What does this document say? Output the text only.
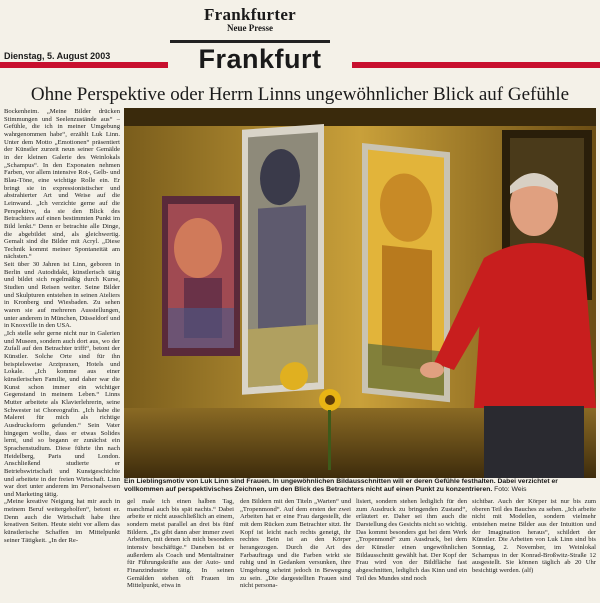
Frankfurter
Neue Presse
Dienstag, 5. August 2003	Frankfurt
Ohne Perspektive oder Herrn Linns ungewöhnlicher Blick auf Gefühle

Bockenheim. „Meine Bilder drücken Stimmungen und Seelenzustände aus“ – Gefühle, die ich in meiner Umgebung wahrgenommen habe“, erzählt Luk Linn. Unter dem Motto „Emotionen“ präsentiert der Künstler zurzeit neun seiner Gemälde in der kleinen Galerie des Weinlokals „Schampus“. In den Exponaten nehmen Farben, vor allem intensive Rot-, Gelb- und Blau-Töne, eine wichtige Rolle ein. Er bringt sie in expressionistischer und abstrahierter Art und Weise auf die Leinwand. „Ich verzichte gerne auf die Perspektive, da sie den Blick des Betrachters auf einen bestimmten Punkt im Bild lenkt.“ Denn er betrachte alle Dinge, die abgebildet sind, als gleichwertig. Gemalt sind die Bilder mit Acryl. „Diese Technik kommt meiner Spontaneität am nächsten.“

Seit über 30 Jahren ist Linn, geboren in Berlin und Autodidakt, künstlerisch tätig und bildet sich regelmäßig durch Kurse, Studien und Reisen weiter. Seine Bilder und Skulpturen entstehen in seinen Ateliers in Kronberg und Wiesbaden. Zu sehen waren sie auf mehreren Ausstellungen, unter anderem in München, Düsseldorf und in Knoxville in den USA.

„Ich stelle sehr gerne nicht nur in Galerien und Museen, sondern auch dort aus, wo der Zufall auf den Betrachter trifft“, betont der Künstler. Solche Orte sind für ihn beispielsweise Arztpraxen, Hotels und Lokale. „Ich komme aus einer künstlerischen Familie, und daher war die Kunst schon immer ein wichtiger Gegenstand in meinem Leben.“ Linns Mutter arbeitete als Klavierlehrerin, seine Schwester ist Choreografin. „Ich habe die Malerei für mich als richtige Ausdrucksform gefunden.“ Sein Vater hingegen wollte, dass er etwas Solides lernt, und so begann er zunächst ein Sprachenstudium. Diese führte ihn nach Heidelberg, Paris und London. Anschließend studierte er Betriebswirtschaft und Kunstgeschichte und arbeitete in der freien Wirtschaft. Linn war dort unter anderem im Personalwesen und Marketing tätig.

„Meine kreative Neigung hat mir auch in meinem Beruf weitergeholfen“, betont er. Denn auch die Wirtschaft habe ihre kreativen Seiten. Heute steht vor allem das künstlerische Schaffen im Mittelpunkt seiner Tätigkeit. „In der Re-

Ein Lieblingsmotiv von Luk Linn sind Frauen. In ungewöhnlichen Bildausschnitten will er deren Gefühle festhalten. Dabei verzichtet er vollkommen auf perspektivisches Zeichnen, um den Blick des Betrachters nicht auf einen Punkt zu konzentrieren. Foto: Weis
gel male ich einen halben Tag, manchmal auch bis spät nachts.“ Dabei arbeite er nicht ausschließlich an einem, sondern meist parallel an drei bis fünf Bildern. „Es gibt dann aber immer zwei Arbeiten, mit denen ich mich besonders intensiv beschäftige.“ Daneben ist er außerdem als Coach und Mentaltrainer für Führungskräfte aus der Auto- und Finanzindustrie tätig. In seinen Gemälden stehen oft Frauen im Mittelpunkt, etwa in
den Bildern mit den Titeln „Warten“ und „Tropenmond“. Auf dem ersten der zwei Arbeiten hat er eine Frau dargestellt, die mit dem Rücken zum Betrachter sitzt. Ihr Kopf ist leicht nach rechts geneigt, ihr rechtes Bein ist an den Körper herangezogen. Durch die Art des Farbauftrags und die Farben wirkt sie ruhig und in Gedanken versunken, ihre Umgebung scheint jedoch in Bewegung zu sein. „Die dargestellten Frauen sind nicht persona-
lisiert, sondern stehen lediglich für den zum Ausdruck zu bringenden Zustand“, erläutert er. Daher sei ihm auch die Darstellung des Gesichts nicht so wichtig. Das kommt besonders gut bei dem Werk „Tropenmond“ zum Ausdruck, bei dem der Künstler einen ungewöhnlichen Bildausschnitt gewählt hat. Der Kopf der Frau wird von der Bildfläche fast abgeschnitten, lediglich das Kinn und ein Teil des Mundes sind noch
sichtbar. Auch der Körper ist nur bis zum oberen Teil des Bauches zu sehen. „Ich arbeite nicht mit Modellen, sondern vielmehr entstehen meine Bilder aus der Intuition und der Imagination heraus“, schildert der Künstler. Die Arbeiten von Luk Linn sind bis Sonntag, 2. November, im Weinlokal Schampus in der Konrad-Broßwitz-Straße 12 ausgestellt. Sie können täglich ab 20 Uhr besichtigt werden. (alf)
